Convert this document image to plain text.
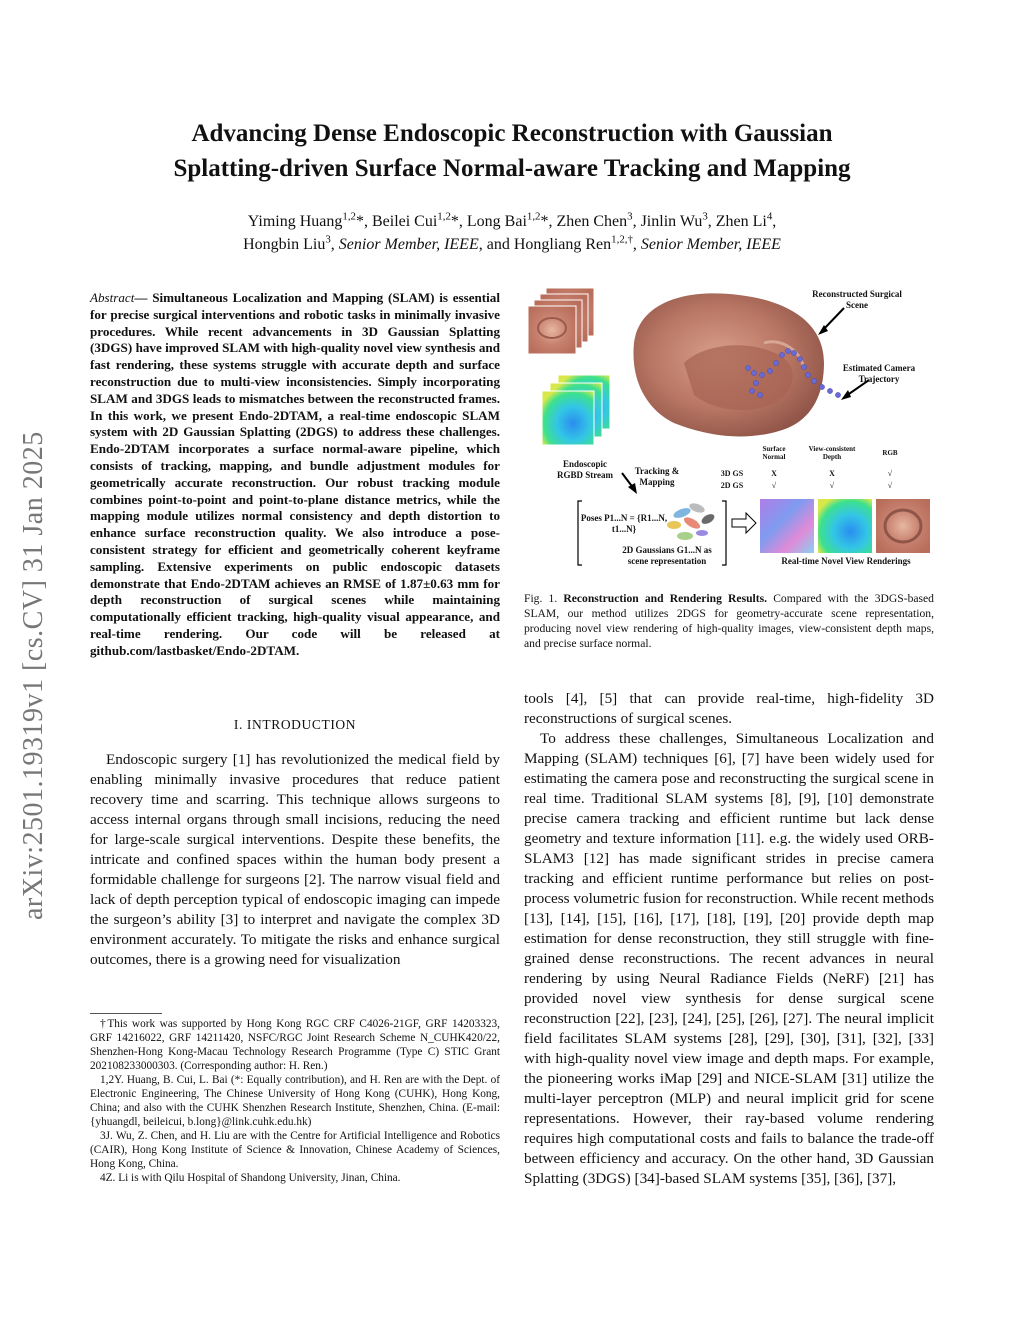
arXiv:2501.19319v1 [cs.CV] 31 Jan 2025
Advancing Dense Endoscopic Reconstruction with Gaussian
Splatting-driven Surface Normal-aware Tracking and Mapping
Yiming Huang$^{1,2}$*, Beilei Cui$^{1,2}$*, Long Bai$^{1,2}$*, Zhen Chen$^3$, Jinlin Wu$^3$, Zhen Li$^4$,
Hongbin Liu$^3$, Senior Member, IEEE, and Hongliang Ren$^{1,2,\dagger}$, Senior Member, IEEE
Abstract— Simultaneous Localization and Mapping (SLAM) is essential for precise surgical interventions and robotic tasks in minimally invasive procedures. While recent advancements in 3D Gaussian Splatting (3DGS) have improved SLAM with high-quality novel view synthesis and fast rendering, these systems struggle with accurate depth and surface reconstruction due to multi-view inconsistencies. Simply incorporating SLAM and 3DGS leads to mismatches between the reconstructed frames. In this work, we present Endo-2DTAM, a real-time endoscopic SLAM system with 2D Gaussian Splatting (2DGS) to address these challenges. Endo-2DTAM incorporates a surface normal-aware pipeline, which consists of tracking, mapping, and bundle adjustment modules for geometrically accurate reconstruction. Our robust tracking module combines point-to-point and point-to-plane distance metrics, while the mapping module utilizes normal consistency and depth distortion to enhance surface reconstruction quality. We also introduce a pose-consistent strategy for efficient and geometrically coherent keyframe sampling. Extensive experiments on public endoscopic datasets demonstrate that Endo-2DTAM achieves an RMSE of 1.87±0.63 mm for depth reconstruction of surgical scenes while maintaining computationally efficient tracking, high-quality visual appearance, and real-time rendering. Our code will be released at github.com/lastbasket/Endo-2DTAM.
I. INTRODUCTION

Endoscopic surgery [1] has revolutionized the medical field by enabling minimally invasive procedures that reduce patient recovery time and scarring. This technique allows surgeons to access internal organs through small incisions, reducing the need for large-scale surgical interventions. Despite these benefits, the intricate and confined spaces within the human body present a formidable challenge for surgeons [2]. The narrow visual field and lack of depth perception typical of endoscopic imaging can impede the surgeon’s ability [3] to interpret and navigate the complex 3D environment accurately. To mitigate the risks and enhance surgical outcomes, there is a growing need for visualization

†This work was supported by Hong Kong RGC CRF C4026-21GF, GRF 14203323, GRF 14216022, GRF 14211420, NSFC/RGC Joint Research Scheme N_CUHK420/22, Shenzhen-Hong Kong-Macau Technology Research Programme (Type C) STIC Grant 202108233000303. (Corresponding author: H. Ren.)

1,2Y. Huang, B. Cui, L. Bai (*: Equally contribution), and H. Ren are with the Dept. of Electronic Engineering, The Chinese University of Hong Kong (CUHK), Hong Kong, China; and also with the CUHK Shenzhen Research Institute, Shenzhen, China. (E-mail: {yhuangdl, beileicui, b.long}@link.cuhk.edu.hk)

3J. Wu, Z. Chen, and H. Liu are with the Centre for Artificial Intelligence and Robotics (CAIR), Hong Kong Institute of Science & Innovation, Chinese Academy of Sciences, Hong Kong, China.

4Z. Li is with Qilu Hospital of Shandong University, Jinan, China.

Reconstructed Surgical Scene
Estimated Camera Trajectory
Endoscopic RGBD Stream	Tracking & Mapping
Poses P1...N = {R1...N, t1...N}
2D Gaussians G1...N as scene representation	Real-time Novel View Renderings
Surface Normal
View-consistent Depth	RGB
3D GS	X	X	√
2D GS	√	√	√
Fig. 1. Reconstruction and Rendering Results. Compared with the 3DGS-based SLAM, our method utilizes 2DGS for geometry-accurate scene representation, producing novel view rendering of high-quality images, view-consistent depth maps, and precise surface normal.

tools [4], [5] that can provide real-time, high-fidelity 3D reconstructions of surgical scenes.

To address these challenges, Simultaneous Localization and Mapping (SLAM) techniques [6], [7] have been widely used for estimating the camera pose and reconstructing the surgical scene in real time. Traditional SLAM systems [8], [9], [10] demonstrate precise camera tracking and efficient runtime but lack dense geometry and texture information [11]. e.g. the widely used ORB-SLAM3 [12] has made significant strides in precise camera tracking and efficient runtime performance but relies on post-process volumetric fusion for reconstruction. While recent methods [13], [14], [15], [16], [17], [18], [19], [20] provide depth map estimation for dense reconstruction, they still struggle with fine-grained dense reconstructions. The recent advances in neural rendering by using Neural Radiance Fields (NeRF) [21] has provided novel view synthesis for dense surgical scene reconstruction [22], [23], [24], [25], [26], [27]. The neural implicit field facilitates SLAM systems [28], [29], [30], [31], [32], [33] with high-quality novel view image and depth maps. For example, the pioneering works iMap [29] and NICE-SLAM [31] utilize the multi-layer perceptron (MLP) and neural implicit grid for scene representations. However, their ray-based volume rendering requires high computational costs and fails to balance the trade-off between efficiency and accuracy. On the other hand, 3D Gaussian Splatting (3DGS) [34]-based SLAM systems [35], [36], [37],
